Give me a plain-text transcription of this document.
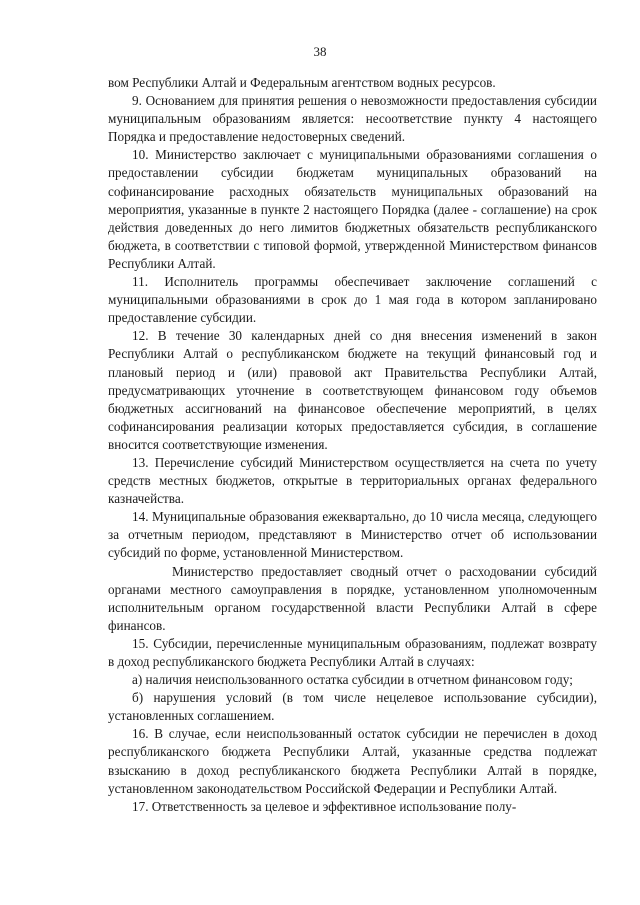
38

вом Республики Алтай и Федеральным агентством водных ресурсов.

9. Основанием для принятия решения о невозможности предоставления субсидии муниципальным образованиям является: несоответствие пункту 4 настоящего Порядка и предоставление недостоверных сведений.

10. Министерство заключает с муниципальными образованиями соглашения о предоставлении субсидии бюджетам муниципальных образований на софинансирование расходных обязательств муниципальных образований на мероприятия, указанные в пункте 2 настоящего Порядка (далее - соглашение) на срок действия доведенных до него лимитов бюджетных обязательств республиканского бюджета, в соответствии с типовой формой, утвержденной Министерством финансов Республики Алтай.

11. Исполнитель программы обеспечивает заключение соглашений с муниципальными образованиями в срок до 1 мая года в котором запланировано предоставление субсидии.

12. В течение 30 календарных дней со дня внесения изменений в закон Республики Алтай о республиканском бюджете на текущий финансовый год и плановый период и (или) правовой акт Правительства Республики Алтай, предусматривающих уточнение в соответствующем финансовом году объемов бюджетных ассигнований на финансовое обеспечение мероприятий, в целях софинансирования реализации которых предоставляется субсидия, в соглашение вносится соответствующие изменения.

13. Перечисление субсидий Министерством осуществляется на счета по учету средств местных бюджетов, открытые в территориальных органах федерального казначейства.

14. Муниципальные образования ежеквартально, до 10 числа месяца, следующего за отчетным периодом, представляют в Министерство отчет об использовании субсидий по форме, установленной Министерством.

Министерство предоставляет сводный отчет о расходовании субсидий органами местного самоуправления в порядке, установленном уполномоченным исполнительным органом государственной власти Республики Алтай в сфере финансов.

15. Субсидии, перечисленные муниципальным образованиям, подлежат возврату в доход республиканского бюджета Республики Алтай в случаях:

а) наличия неиспользованного остатка субсидии в отчетном финансовом году;

б) нарушения условий (в том числе нецелевое использование субсидии), установленных соглашением.

16. В случае, если неиспользованный остаток субсидии не перечислен в доход республиканского бюджета Республики Алтай, указанные средства подлежат взысканию в доход республиканского бюджета Республики Алтай в порядке, установленном законодательством Российской Федерации и Республики Алтай.

17. Ответственность за целевое и эффективное использование полу-
